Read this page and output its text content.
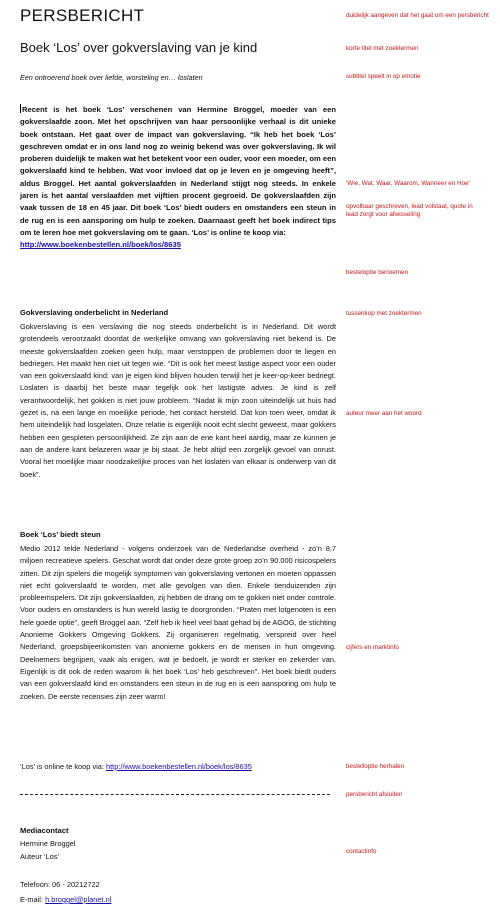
PERSBERICHT
Boek ‘Los’ over gokverslaving van je kind
Een ontroerend boek over liefde, worsteling en… loslaten
Recent is het boek ‘Los’ verschenen van Hermine Broggel, moeder van een gokverslaafde zoon. Met het opschrijven van haar persoonlijke verhaal is dit unieke boek ontstaan. Het gaat over de impact van gokverslaving. “Ik heb het boek ‘Los’ geschreven omdat er in ons land nog zo weinig bekend was over gokverslaving. Ik wil proberen duidelijk te maken wat het betekent voor een ouder, voor een moeder, om een gokverslaafd kind te hebben. Wat voor invloed dat op je leven en je omgeving heeft”, aldus Broggel. Het aantal gokverslaafden in Nederland stijgt nog steeds. In enkele jaren is het aantal verslaafden met vijftien procent gegroeid. De gokverslaafden zijn vaak tussen de 18 en 45 jaar. Dit boek ‘Los’ biedt ouders en omstanders een steun in de rug en is een aansporing om hulp te zoeken. Daarnaast geeft het boek indirect tips om te leren hoe met gokverslaving om te gaan. ‘Los’ is online te koop via:
http://www.boekenbestellen.nl/boek/los/8635
Gokverslaving onderbelicht in Nederland
Gokverslaving is een verslaving die nog steeds onderbelicht is in Nederland. Dit wordt grotendeels veroorzaakt doordat de werkelijke omvang van gokverslaving niet bekend is. De meeste gokverslaafden zoeken geen hulp, maar verstoppen de problemen door te liegen en bedriegen. Het maakt hen niet uit tegen wie. “Dit is ook het meest lastige aspect voor een ouder van een gokverslaafd kind: van je eigen kind blijven houden terwijl het je keer-op-keer bedriegt. Loslaten is daarbij het beste maar tegelijk ook het lastigste advies. Je kind is zelf verantwoordelijk, het gokken is niet jouw probleem. “Nadat ik mijn zoon uiteindelijk uit huis had gezet is, na een lange en moeilijke periode, het contact hersteld. Dat kon toen weer, omdat ik hem uiteindelijk had losgelaten. Onze relatie is eigenlijk nooit echt slecht geweest, maar gokkers hebben een gespleten persoonlijkheid. Ze zijn aan de ene kant heel aardig, maar ze kunnen je aan de andere kant belazeren waar je bij staat. Je hebt altijd een zorgelijk gevoel van onrust. Vooral het moeilijke maar noodzakelijke proces van het loslaten van elkaar is onderwerp van dit boek”.
Boek ‘Los’ biedt steun
Medio 2012 telde Nederland - volgens onderzoek van de Nederlandse overheid - zo’n 8,7 miljoen recreatieve spelers. Geschat wordt dat onder deze grote groep zo’n 90.000 risicospelers zitten. Dit zijn spelers die mogelijk symptomen van gokverslaving vertonen en moeten oppassen niet echt gokverslaafd te worden, met alle gevolgen van dien. Enkele tienduizenden zijn probleemspelers. Dit zijn gokverslaafden, zij hebben de drang om te gokken niet onder controle. Voor ouders en omstanders is hun wereld lastig te doorgronden. “Praten met lotgenoten is een hele goede optie”, geeft Broggel aan. “Zelf heb ik heel veel baat gehad bij de AGOG, de stichting Anonieme Gokkers Omgeving Gokkers. Zij organiseren regelmatig, verspreid over heel Nederland, groepsbijeenkomsten van anonieme gokkers en de mensen in hun omgeving. Deelnemers begrijpen, vaak als enigen, wat je bedoelt, je wordt er sterker en zekerder van. Eigenlijk is dit ook de reden waarom ik het boek ‘Los’ heb geschreven”. Het boek biedt ouders van een gokverslaafd kind en omstanders een steun in de rug en is een aansporing om hulp te zoeken. De eerste recensies zijn zeer warm!
‘Los’ is online te koop via: http://www.boekenbestellen.nl/boek/los/8635
Mediacontact
Hermine Broggel
Auteur ‘Los’
Telefoon: 06 - 20212722
E-mail: h.broggel@planet.nl
duidelijk aangeven dat het gaat om een persbericht
korte titel met zoektermen
subtitel speelt in op emotie
‘Wie, Wat, Waar, Waarom, Wanneer en Hoe’
opvolbaar geschreven, lead volstaat, quote in lead zorgt voor afwisseling
besteloptie benoemen
tussenkop met zoektermen
auteur meer aan het woord
cijfers en marktinfo
bestelloptie herhalen
persbericht afsluiten
contactinfo
